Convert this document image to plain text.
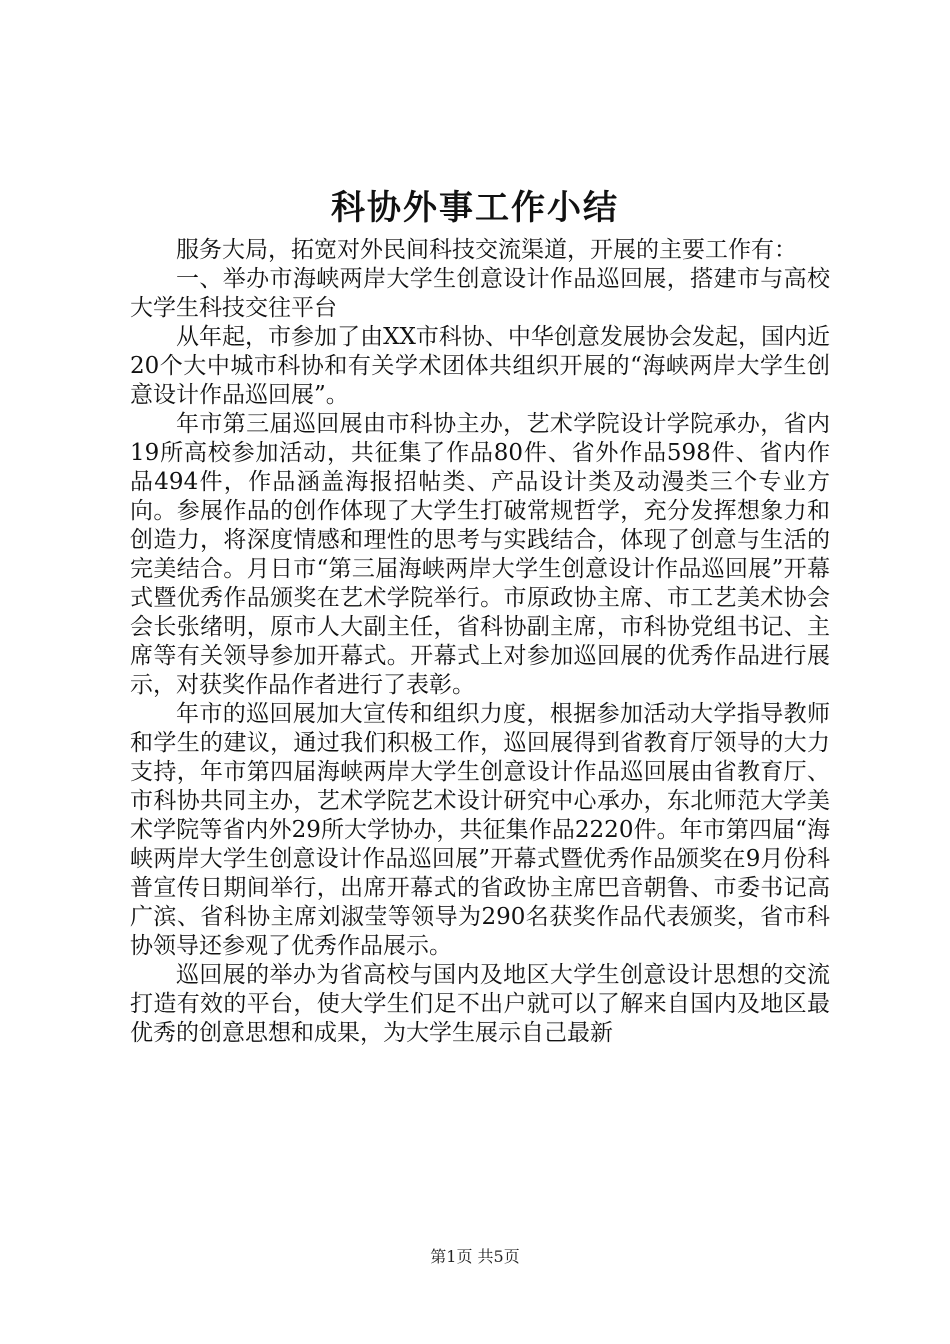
科协外事工作小结

服务大局，拓宽对外民间科技交流渠道，开展的主要工作有：

一、举办市海峡两岸大学生创意设计作品巡回展，搭建市与高校大学生科技交往平台

从年起，市参加了由XX市科协、中华创意发展协会发起，国内近20个大中城市科协和有关学术团体共组织开展的“海峡两岸大学生创意设计作品巡回展”。

年市第三届巡回展由市科协主办，艺术学院设计学院承办，省内19所高校参加活动，共征集了作品80件、省外作品598件、省内作品494件，作品涵盖海报招帖类、产品设计类及动漫类三个专业方向。参展作品的创作体现了大学生打破常规哲学，充分发挥想象力和创造力，将深度情感和理性的思考与实践结合，体现了创意与生活的完美结合。月日市“第三届海峡两岸大学生创意设计作品巡回展”开幕式暨优秀作品颁奖在艺术学院举行。市原政协主席、市工艺美术协会会长张绪明，原市人大副主任，省科协副主席，市科协党组书记、主席等有关领导参加开幕式。开幕式上对参加巡回展的优秀作品进行展示，对获奖作品作者进行了表彰。

年市的巡回展加大宣传和组织力度，根据参加活动大学指导教师和学生的建议，通过我们积极工作，巡回展得到省教育厅领导的大力支持，年市第四届海峡两岸大学生创意设计作品巡回展由省教育厅、市科协共同主办，艺术学院艺术设计研究中心承办，东北师范大学美术学院等省内外29所大学协办，共征集作品2220件。年市第四届“海峡两岸大学生创意设计作品巡回展”开幕式暨优秀作品颁奖在9月份科普宣传日期间举行，出席开幕式的省政协主席巴音朝鲁、市委书记高广滨、省科协主席刘淑莹等领导为290名获奖作品代表颁奖，省市科协领导还参观了优秀作品展示。

巡回展的举办为省高校与国内及地区大学生创意设计思想的交流打造有效的平台，使大学生们足不出户就可以了解来自国内及地区最优秀的创意思想和成果，为大学生展示自己最新

第1页 共5页
